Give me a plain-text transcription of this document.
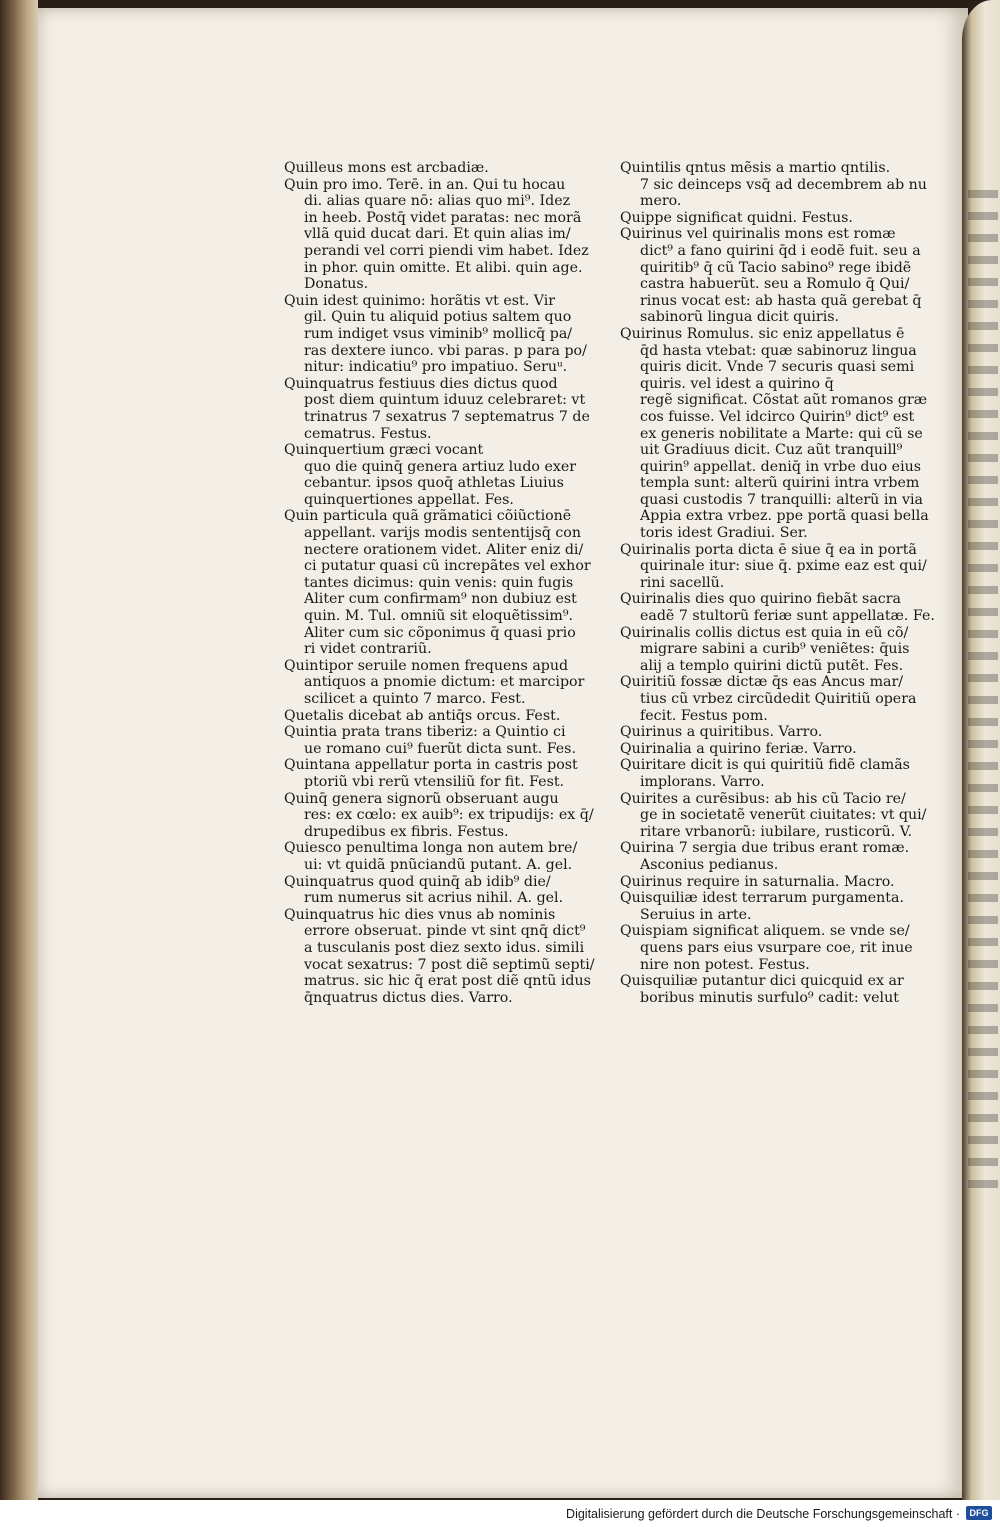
Quilleus mons est arcbadiæ.
Quin pro imo. Terē. in an. Qui tu hocau
di. alias quare nō: alias quo mi⁹. Idez
in heeb. Postq̄ videt paratas: nec morã
vllã quid ducat dari. Et quin alias im/
perandi vel corri piendi vim habet. Idez
in phor. quin omitte. Et alibi. quin age.
Donatus.
Quin idest quinimo: horãtis vt est. Vir
gil. Quin tu aliquid potius saltem quo
rum indiget vsus viminib⁹ mollicq̄ pa/
ras dextere iunco. vbi paras. p para po/
nitur: indicatiu⁹ pro impatiuo. Seruᵘ.
Quinquatrus festiuus dies dictus quod
post diem quintum iduuz celebraret: vt
trinatrus 7 sexatrus 7 septematrus 7 de
cematrus. Festus.
Quinquertium græci vocant
quo die quinq̄ genera artiuz ludo exer
cebantur. ipsos quoq̄ athletas Liuius
quinquertiones appellat. Fes.
Quin particula quã grãmatici cõiũctionē
appellant. varijs modis sententijsq̄ con
nectere orationem videt. Aliter eniz di/
ci putatur quasi cũ increpãtes vel exhor
tantes dicimus: quin venis: quin fugis
Aliter cum confirmam⁹ non dubiuz est
quin. M. Tul. omniũ sit eloquẽtissim⁹.
Aliter cum sic cõponimus q̄ quasi prio
ri videt contrariũ.
Quintipor seruile nomen frequens apud
antiquos a pnomie dictum: et marcipor
scilicet a quinto 7 marco. Fest.
Quetalis dicebat ab antiq̄s orcus. Fest.
Quintia prata trans tiberiz: a Quintio ci
ue romano cui⁹ fuerũt dicta sunt. Fes.
Quintana appellatur porta in castris post
ptoriũ vbi rerũ vtensiliũ for fit. Fest.
Quinq̄ genera signorũ obseruant augu
res: ex cœlo: ex auib⁹: ex tripudijs: ex q̄/
drupedibus ex fibris. Festus.
Quiesco penultima longa non autem bre/
ui: vt quidã pnũciandũ putant. A. gel.
Quinquatrus quod quinq̄ ab idib⁹ die/
rum numerus sit acrius nihil. A. gel.
Quinquatrus hic dies vnus ab nominis
errore obseruat. pinde vt sint qnq̄ dict⁹
a tusculanis post diez sexto idus. simili
vocat sexatrus: 7 post diẽ septimũ septi/
matrus. sic hic q̄ erat post diẽ qntũ idus
q̄nquatrus dictus dies. Varro.
Quintilis qntus mẽsis a martio qntilis.
7 sic deinceps vsq̄ ad decembrem ab nu
mero.
Quippe significat quidni. Festus.
Quirinus vel quirinalis mons est romæ
dict⁹ a fano quirini q̄d i eodẽ fuit. seu a
quiritib⁹ q̄ cũ Tacio sabino⁹ rege ibidẽ
castra habuerũt. seu a Romulo q̄ Qui/
rinus vocat est: ab hasta quã gerebat q̄
sabinorũ lingua dicit quiris.
Quirinus Romulus. sic eniz appellatus ē
q̄d hasta vtebat: quæ sabinoruz lingua
quiris dicit. Vnde 7 securis quasi semi
quiris. vel idest a quirino q̄
regẽ significat. Cõstat aũt romanos græ
cos fuisse. Vel idcirco Quirin⁹ dict⁹ est
ex generis nobilitate a Marte: qui cũ se
uit Gradiuus dicit. Cuz aũt tranquill⁹
quirin⁹ appellat. deniq̄ in vrbe duo eius
templa sunt: alterũ quirini intra vrbem
quasi custodis 7 tranquilli: alterũ in via
Appia extra vrbez. ppe portã quasi bella
toris idest Gradiui. Ser.
Quirinalis porta dicta ē siue q̄ ea in portã
quirinale itur: siue q̄. pxime eaz est qui/
rini sacellũ.
Quirinalis dies quo quirino fiebãt sacra
eadẽ 7 stultorũ feriæ sunt appellatæ. Fe.
Quirinalis collis dictus est quia in eũ cõ/
migrare sabini a curib⁹ veniẽtes: q̄uis
alij a templo quirini dictũ putẽt. Fes.
Quiritiũ fossæ dictæ q̄s eas Ancus mar/
tius cũ vrbez circũdedit Quiritiũ opera
fecit. Festus pom.
Quirinus a quiritibus. Varro.
Quirinalia a quirino feriæ. Varro.
Quiritare dicit is qui quiritiũ fidẽ clamãs
implorans. Varro.
Quirites a curẽsibus: ab his cũ Tacio re/
ge in societatẽ venerũt ciuitates: vt qui/
ritare vrbanorũ: iubilare, rusticorũ. V.
Quirina 7 sergia due tribus erant romæ.
Asconius pedianus.
Quirinus require in saturnalia. Macro.
Quisquiliæ idest terrarum purgamenta.
Seruius in arte.
Quispiam significat aliquem. se vnde se/
quens pars eius vsurpare coe, rit inue
nire non potest. Festus.
Quisquiliæ putantur dici quicquid ex ar
boribus minutis surfulo⁹ cadit: velut
Digitalisierung gefördert durch die Deutsche Forschungsgemeinschaft ·	DFG
